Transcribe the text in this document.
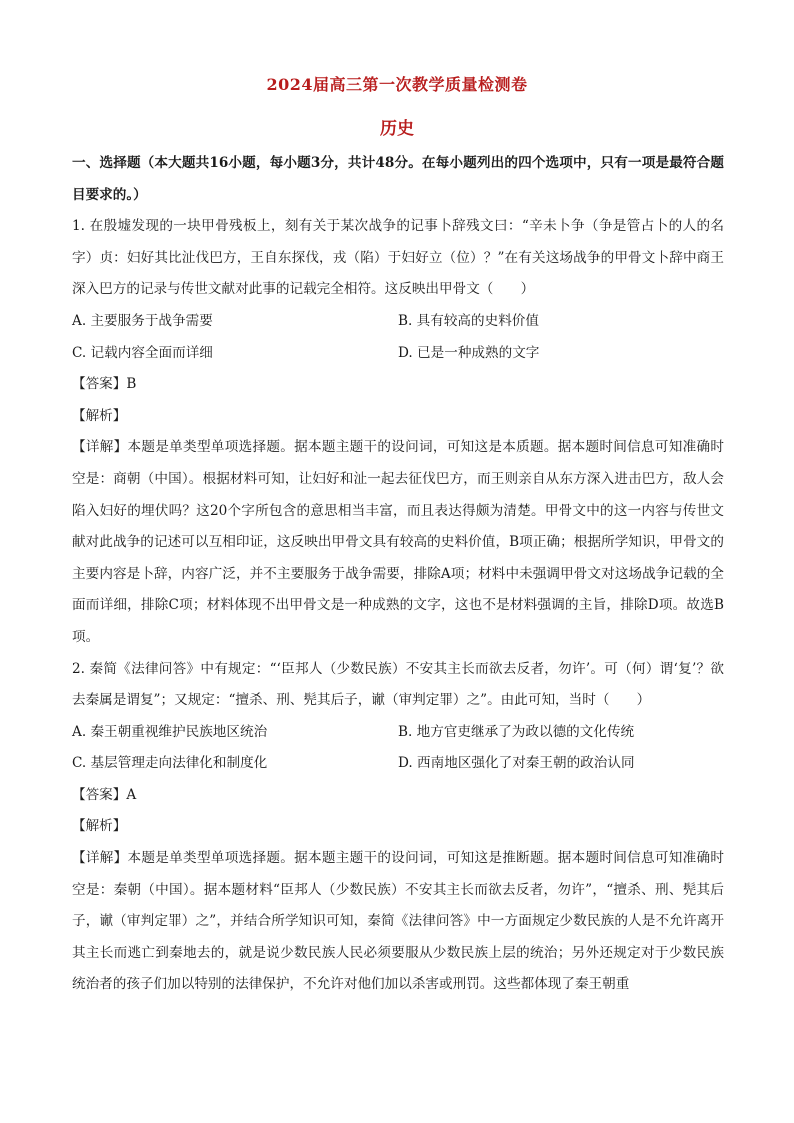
2024届高三第一次教学质量检测卷
历史

一、选择题（本大题共16小题，每小题3分，共计48分。在每小题列出的四个选项中，只有一项是最符合题目要求的。）

1. 在殷墟发现的一块甲骨残板上，刻有关于某次战争的记事卜辞残文曰：“辛未卜争（争是管占卜的人的名字）贞：妇好其比沚伐巴方，王自东探伐，戎（陷）于妇好立（位）？”在有关这场战争的甲骨文卜辞中商王深入巴方的记录与传世文献对此事的记载完全相符。这反映出甲骨文（　　）

A. 主要服务于战争需要	B. 具有较高的史料价值
C. 记载内容全面而详细	D. 已是一种成熟的文字

【答案】B

【解析】

【详解】本题是单类型单项选择题。据本题主题干的设问词，可知这是本质题。据本题时间信息可知准确时空是：商朝（中国）。根据材料可知，让妇好和沚一起去征伐巴方，而王则亲自从东方深入进击巴方，敌人会陷入妇好的埋伏吗？这20个字所包含的意思相当丰富，而且表达得颇为清楚。甲骨文中的这一内容与传世文献对此战争的记述可以互相印证，这反映出甲骨文具有较高的史料价值，B项正确；根据所学知识，甲骨文的主要内容是卜辞，内容广泛，并不主要服务于战争需要，排除A项；材料中未强调甲骨文对这场战争记载的全面而详细，排除C项；材料体现不出甲骨文是一种成熟的文字，这也不是材料强调的主旨，排除D项。故选B项。

2. 秦简《法律问答》中有规定：“‘臣邦人（少数民族）不安其主长而欲去反者，勿许’。可（何）谓‘复’？欲去秦属是谓复”；又规定：“擅杀、刑、髡其后子，谳（审判定罪）之”。由此可知，当时（　　）

A. 秦王朝重视维护民族地区统治	B. 地方官吏继承了为政以德的文化传统
C. 基层管理走向法律化和制度化	D. 西南地区强化了对秦王朝的政治认同

【答案】A

【解析】

【详解】本题是单类型单项选择题。据本题主题干的设问词，可知这是推断题。据本题时间信息可知准确时空是：秦朝（中国）。据本题材料“臣邦人（少数民族）不安其主长而欲去反者，勿许”，“擅杀、刑、髡其后子，谳（审判定罪）之”，并结合所学知识可知，秦简《法律问答》中一方面规定少数民族的人是不允许离开其主长而逃亡到秦地去的，就是说少数民族人民必须要服从少数民族上层的统治；另外还规定对于少数民族统治者的孩子们加以特别的法律保护，不允许对他们加以杀害或刑罚。这些都体现了秦王朝重
